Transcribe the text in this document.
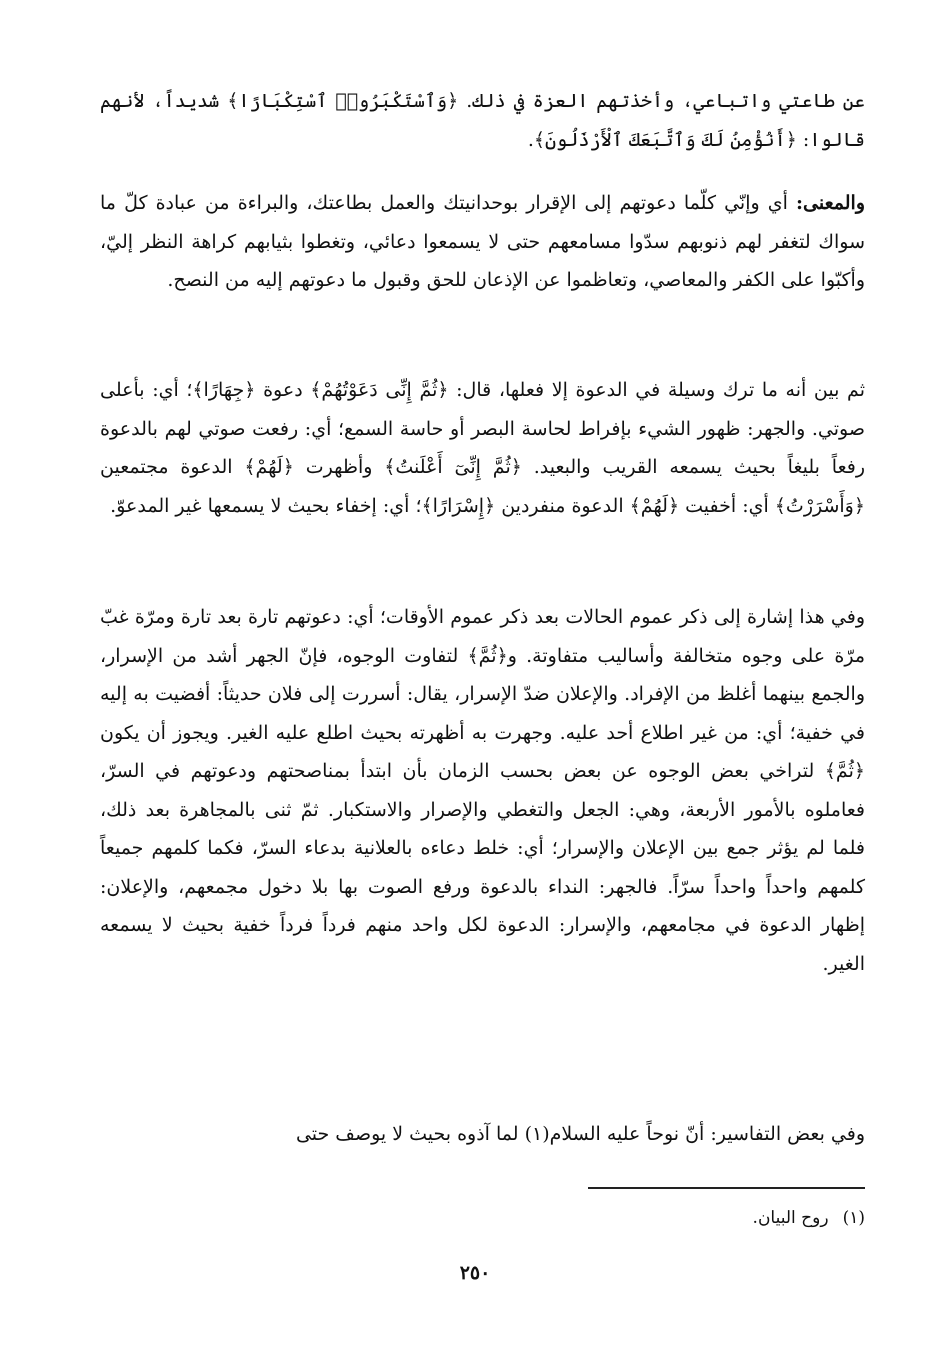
عن طاعتي واتباعي، وأخذتهم العزة في ذلك. ﴿وَٱسْتَكْبَرُوا۟ ٱسْتِكْبَارًا﴾ شديداً، لأنهم قالوا: ﴿أَنُؤْمِنُ لَكَ وَٱتَّبَعَكَ ٱلْأَرْذَلُونَ﴾.

والمعنى: أي وإنّي كلّما دعوتهم إلى الإقرار بوحدانيتك والعمل بطاعتك، والبراءة من عبادة كلّ ما سواك لتغفر لهم ذنوبهم سدّوا مسامعهم حتى لا يسمعوا دعائي، وتغطوا بثيابهم كراهة النظر إليّ، وأكبّوا على الكفر والمعاصي، وتعاظموا عن الإذعان للحق وقبول ما دعوتهم إليه من النصح.

ثم بين أنه ما ترك وسيلة في الدعوة إلا فعلها، قال: ﴿ثُمَّ إِنِّى دَعَوْتُهُمْ﴾ دعوة ﴿جِهَارًا﴾؛ أي: بأعلى صوتي. والجهر: ظهور الشيء بإفراط لحاسة البصر أو حاسة السمع؛ أي: رفعت صوتي لهم بالدعوة رفعاً بليغاً بحيث يسمعه القريب والبعيد. ﴿ثُمَّ إِنِّىٓ أَعْلَنتُ﴾ وأظهرت ﴿لَهُمْ﴾ الدعوة مجتمعين ﴿وَأَسْرَرْتُ﴾ أي: أخفيت ﴿لَهُمْ﴾ الدعوة منفردين ﴿إِسْرَارًا﴾؛ أي: إخفاء بحيث لا يسمعها غير المدعوّ.

وفي هذا إشارة إلى ذكر عموم الحالات بعد ذكر عموم الأوقات؛ أي: دعوتهم تارة بعد تارة ومرّة غبّ مرّة على وجوه متخالفة وأساليب متفاوتة. و﴿ثُمَّ﴾ لتفاوت الوجوه، فإنّ الجهر أشد من الإسرار، والجمع بينهما أغلظ من الإفراد. والإعلان ضدّ الإسرار، يقال: أسررت إلى فلان حديثاً: أفضيت به إليه في خفية؛ أي: من غير اطلاع أحد عليه. وجهرت به أظهرته بحيث اطلع عليه الغير. ويجوز أن يكون ﴿ثُمَّ﴾ لتراخي بعض الوجوه عن بعض بحسب الزمان بأن ابتدأ بمناصحتهم ودعوتهم في السرّ، فعاملوه بالأمور الأربعة، وهي: الجعل والتغطي والإصرار والاستكبار. ثمّ ثنى بالمجاهرة بعد ذلك، فلما لم يؤثر جمع بين الإعلان والإسرار؛ أي: خلط دعاءه بالعلانية بدعاء السرّ، فكما كلمهم جميعاً كلمهم واحداً واحداً سرّاً. فالجهر: النداء بالدعوة ورفع الصوت بها بلا دخول مجمعهم، والإعلان: إظهار الدعوة في مجامعهم، والإسرار: الدعوة لكل واحد منهم فرداً فرداً خفية بحيث لا يسمعه الغير.

وفي بعض التفاسير: أنّ نوحاً عليه السلام(١) لما آذوه بحيث لا يوصف حتى

(١)روح البيان.
٢٥٠
